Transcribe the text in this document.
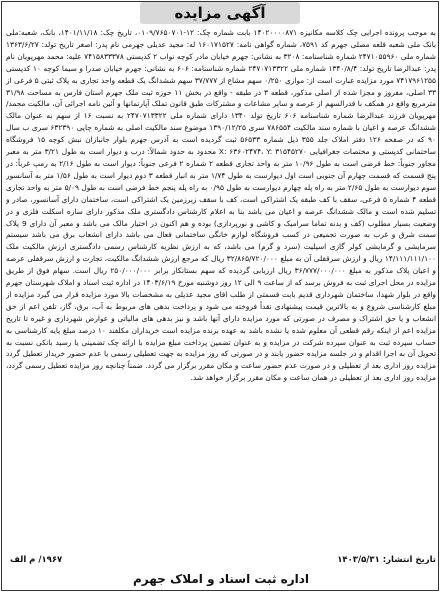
آگهی مزایده
به موجب پرونده اجرایی چک کلاسه مکانیزه ۱۴۰۲۰۰۰۰۸۷۱ بابت شماره چک: ۱۲-۰۱۰۹/۷۶۵۰۷۰۱، تاریخ چک: ۱۴۰۱/۱۱/۱۸، بانک، شعبه:ملی بانک ملی شعبه قلعه مصلی جهرم کد ۷۵۹۱، شماره گواهی نامه: ۱۶۰۱۷۱۵۲۷ له: مجید عدیلی جهرمی نام پدر: اصغر تاریخ تولد: ۱۳۶۳/۶/۲۷ شماره ملی ۲۴۷۱۰۵۵۹۶۰ شماره شناسنامه: ۳۲۰۸ به نشانی: جهرم خیابان مادر کوچه نواب ۲ کدپستی ۷۴۱۵۸۳۳۳۷۸ علیه: محمد مهرپویان نام پدر: عبدالرضا تاریخ تولد: ۱۳۴۰/۸/۴ شماره ملی ۲۴۷۰۷۱۳۳۲۲ شماره شناسنامه: ۶۰۶ به نشانی: جهرم خیابان صدرا و سیما کوچه ۱۰ کدپستی ۷۴۱۷۹۶۱۲۵۵ مورد مزایده عبارت است از: موازی ۰/۲۵۰ سهم مشاع از ۳۷/۷۷۷ سهم ششدانگ یک قطعه واحد تجاری به پلاک ثبتی ۵ فرعی از ۳۳ اصلی، مفروز و مجزا شده از اصلی مذکور، قطعه ۳ در طبقه - واقع در بخش ۱۱ حوزه ثبت ملک جهرم استان فارس به مساحت ۳۱/۹۸ مترمربع واقع در همکف با قدرالسهم از عرصه و سایر مشاعات و مشترکات طبق قانون تملک آپارتمانها و آئین نامه اجرائی آن، مالکیت محمد/ مهرپویان فرزند عبدالرضا شماره شناسنامه ۶۰۶ تاریخ تولد ۱۳۴۰ دارای شماره ملی ۲۴۷۰۷۱۳۳۲۲ به نسبت ۱۶ از سهم به عنوان مالک ششدانگ عرصه و اعیان با شماره سند مالکیت ۷۸۶۵۵۴ سری ۱۳۹۰/۱۲/۲۵ موضوع سند مالکیت اصلی به شماره چاپی ۶۳۲۳۹۰ سری ب سال ۹۰ که در صفحه ۱۲۶ دفتر املاک جلد ۳۵۵ ذیل شماره ۵۶۵۳۳ ثبت گردیده است به آدرس جهرم بلوار جانبازان نبش کوچه ۱۵ فروشگاه ساختمانی کدپستی و مختصات جغرافیایی X: ۶۳۶۰۲۴۷۴، Y: ۳۱۵۴۵۲۷۰ محدود به حدود شمالاً: درب و دیوار است به طول ۳/۲۱ متر به معبر مجاور جنوباً: خط فرضی است به طول ۱۰/۹۶ متر به واحد تجاری قطعه ۲ شماره ۲ فرعی جنوباً: دیوار است به طول ۲/۱۶ به رمپ غرباً: در پنج قسمت که قسمت چهارم آن جنوبی است اول دیوارست به طول ۱/۷۴ متر به انبار قطعه ۳ دوم دیوار است به طول ۱/۵۶ متر به آسانسور سوم دیوارست به طول ۲/۶۵ متر به راه پله چهارم دیوارست به طول ۰/۹۵ به راه پله پنجم خط فرضی است به طول ۵/۰۹ متر به واحد تجاری قطعه ۴ شماره ۵ فرعی، سقف با کف طبقه یک اشتراکی است، کف با سقف زیرزمین یک اشتراکی است، ساختمان دارای آسانسور، صادر و تسلیم شده است و مالک ششدانگ عرصه و اعیان می باشد بنا به اعلام کارشناس دادگستری ملک مذکور دارای سازه اسکلت فلزی و در وضعیت بسیار مطلوب (کف و بدنه تماما سرامیک و کاشی و نورپردازی) بوده و هم اکنون در اختیار مالک می باشد و معبر آن دارای 9 پلاک سمت شرق و غرب به صورت تجمیعی در کسب فروشگاه لوازم خانگی ساختمانی فعال می باشد دارای انشعاب برق می باشد سیستم سرمایشی و گرمایشی کولر گازی اسپلیت (سرد و گرم) می باشد، که به ارزش نظریه کارشناس رسمی دادگستری ارزش مالکیت ملک ۱۴/۱۱۱/۱۱۱/۱۰۰ ریال و ارزش سرقفلی آن به مبلغ ۳۲/۸۶۵/۷۲۰/۰۰۰ ریال که مرجع ارزش ششدانگ مالکیت، تجارت و ارزش سرقفلی عرصه و اعیان پلاک مذکور به مبلغ ۳۶/۷۷۷/۰۰۰/۰۰۰ ریال ارزیابی گردیده که سهم بستانکار برابر ۲۵۰/۰۰۰/۰۰۰ ریال است. سهام فوق از طریق مزایده در محل اجرای ثبت به فروش برسد که از ساعت ۹ الی ۱۲ روز دوشنبه مورخ ۱۴۰۳/۶/۱۹ در اداره ثبت اسناد و املاک شهرستان جهرم واقع در بلوار شهدا، ساختمان شهرداری قدیم بابت قسمتی از طلب اقای مجید عدیلی به مشخصات بالا مورد مزایده قرار می گیرد مزایده از مبلغ کارشناسی شروع و به بالاترین قیمت پیشنهادی نقداً فروخته می شود و پرداخت بدهی های مربوط به آب، برق، گاز، تلفن اعم از حق انشعاب و یا حق اشتراک و مصرف در صورتی که مورد مزایده دارای آنها باشد و نیز بدهی های مالیاتی و عوارض شهرداری و غیره تا تاریخ مزایده اعم از اینکه رقم قطعی آن معلوم شده یا نشده باشد به عهده برنده مزایده است خریداران مکلفند ۱۰ درصد مبلغ پایه کارشناسی به حساب سپرده ثبت به عنوان سپرده شرکت در مزایده و به عنوان تضمین پرداخت مبلغ مزایده با ارائه چک تضمینی یا رسید بانکی نسبت به تحویل آن به اجرا اقدام و در جلسه مزایده حضور یابند و در صورتی که روز مزایده به جهت تعطیلی رسمی یا عدم حضور خریدار تعطیل گردد مزایده روز اداری بعد از تعطیلی و در صورت عدم حضور ساعت و مکان مقرر برگزار می گردد. ضمناً چنانچه روز مزایده تعطیل رسمی گردد، مزایده روز اداری بعد از تعطیلی در همان ساعت و مکان مقرر برگزار خواهد شد.
تاریخ انتشار: ۱۴۰۳/۵/۳۱
۱۹۶۷/ م الف
اداره ثبت اسناد و املاک جهرم
